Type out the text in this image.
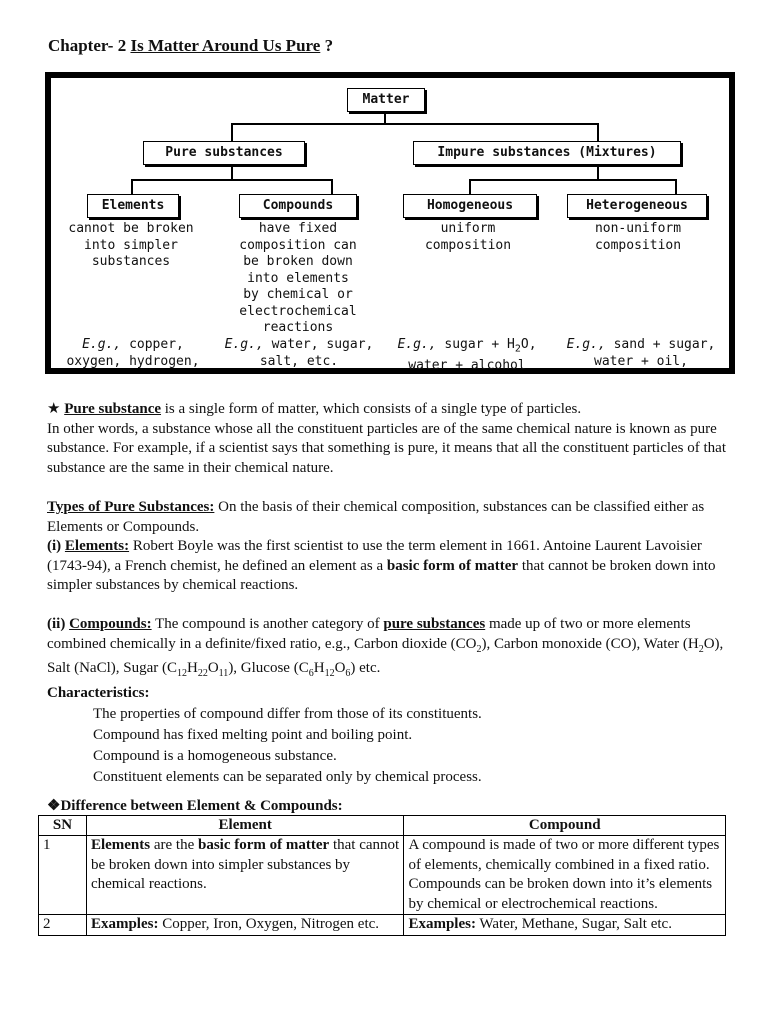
Chapter- 2 Is Matter Around Us Pure ?
Matter
Pure substances	Impure substances (Mixtures)
Elements	Compounds	Homogeneous	Heterogeneous
cannot be broken
into simpler
substances
have fixed
composition can
be broken down
into elements
by chemical or
electrochemical
reactions
uniform
composition
non-uniform
composition
E.g., copper,
oxygen, hydrogen,
E.g., water, sugar,
salt, etc.
E.g., sugar + $H_2O$,
water + alcohol
E.g., sand + sugar,
water + oil,

★ Pure substance is a single form of matter, which consists of a single type of particles.

In other words, a substance whose all the constituent particles are of the same chemical nature is known as pure substance. For example, if a scientist says that something is pure, it means that all the constituent particles of that substance are the same in their chemical nature.

Types of Pure Substances: On the basis of their chemical composition, substances can be classified either as Elements or Compounds.

(i) Elements: Robert Boyle was the first scientist to use the term element in 1661. Antoine Laurent Lavoisier (1743-94), a French chemist, he defined an element as a basic form of matter that cannot be broken down into simpler substances by chemical reactions.

(ii) Compounds: The compound is another category of pure substances made up of two or more elements combined chemically in a definite/fixed ratio, e.g., Carbon dioxide $(CO_2)$, Carbon monoxide (CO), Water $(H_2O)$, Salt (NaCl), Sugar $(C_{12}H_{22}O_{11})$, Glucose $(C_6H_{12}O_6)$ etc.

Characteristics:

The properties of compound differ from those of its constituents.

Compound has fixed melting point and boiling point.

Compound is a homogeneous substance.

Constituent elements can be separated only by chemical process.

❖Difference between Element & Compounds:
SN	Element	Compound
1	Elements are the basic form of matter that cannot be broken down into simpler substances by chemical reactions.	A compound is made of two or more different types of elements, chemically combined in a fixed ratio. Compounds can be broken down into it’s elements by chemical or electrochemical reactions.
2	Examples: Copper, Iron, Oxygen, Nitrogen etc.	Examples: Water, Methane, Sugar, Salt etc.
